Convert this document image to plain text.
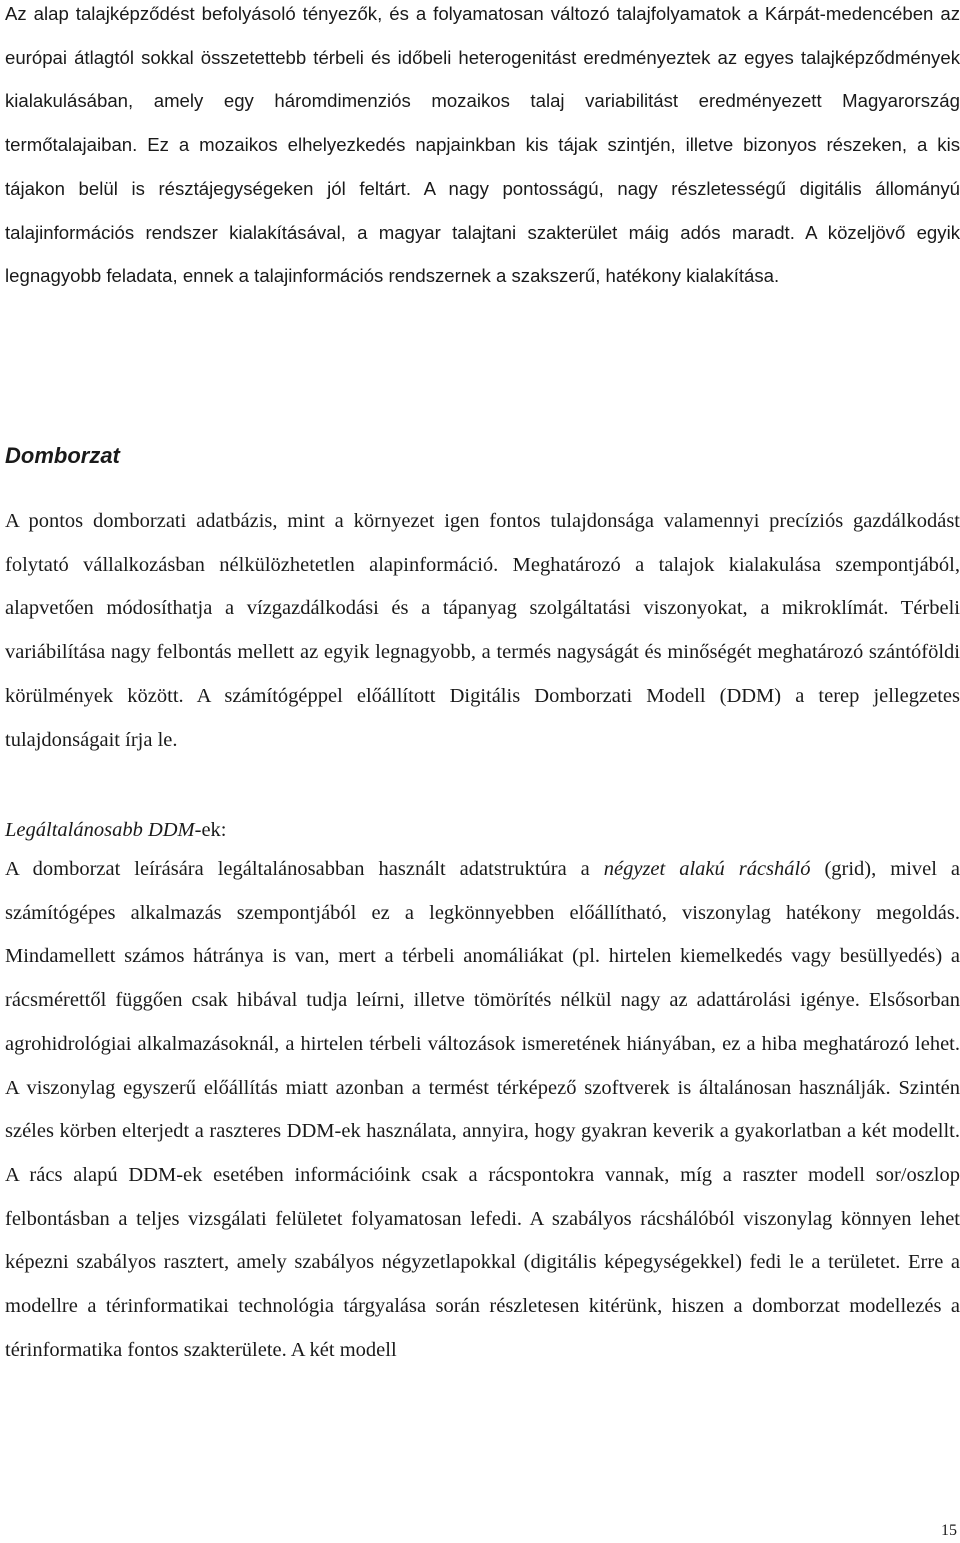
Az alap talajképződést befolyásoló tényezők, és a folyamatosan változó talajfolyamatok a Kárpát-medencében az európai átlagtól sokkal összetettebb térbeli és időbeli heterogenitást eredményeztek az egyes talajképződmények kialakulásában, amely egy háromdimenziós mozaikos talaj variabilitást eredményezett Magyarország termőtalajaiban. Ez a mozaikos elhelyezkedés napjainkban kis tájak szintjén, illetve bizonyos részeken, a kis tájakon belül is résztájegységeken jól feltárt. A nagy pontosságú, nagy részletességű digitális állományú talajinformációs rendszer kialakításával, a magyar talajtani szakterület máig adós maradt. A közeljövő egyik legnagyobb feladata, ennek a talajinformációs rendszernek a szakszerű, hatékony kialakítása.

Domborzat

A pontos domborzati adatbázis, mint a környezet igen fontos tulajdonsága valamennyi precíziós gazdálkodást folytató vállalkozásban nélkülözhetetlen alapinformáció. Meghatározó a talajok kialakulása szempontjából, alapvetően módosíthatja a vízgazdálkodási és a tápanyag szolgáltatási viszonyokat, a mikroklímát. Térbeli variábilítása nagy felbontás mellett az egyik legnagyobb, a termés nagyságát és minőségét meghatározó szántóföldi körülmények között. A számítógéppel előállított Digitális Domborzati Modell (DDM) a terep jellegzetes tulajdonságait írja le.

Legáltalánosabb DDM-ek:

A domborzat leírására legáltalánosabban használt adatstruktúra a négyzet alakú rácsháló (grid), mivel a számítógépes alkalmazás szempontjából ez a legkönnyebben előállítható, viszonylag hatékony megoldás. Mindamellett számos hátránya is van, mert a térbeli anomáliákat (pl. hirtelen kiemelkedés vagy besüllyedés) a rácsmérettől függően csak hibával tudja leírni, illetve tömörítés nélkül nagy az adattárolási igénye. Elsősorban agrohidrológiai alkalmazásoknál, a hirtelen térbeli változások ismeretének hiányában, ez a hiba meghatározó lehet. A viszonylag egyszerű előállítás miatt azonban a termést térképező szoftverek is általánosan használják. Szintén széles körben elterjedt a raszteres DDM-ek használata, annyira, hogy gyakran keverik a gyakorlatban a két modellt. A rács alapú DDM-ek esetében információink csak a rácspontokra vannak, míg a raszter modell sor/oszlop felbontásban a teljes vizsgálati felületet folyamatosan lefedi. A szabályos rácshálóból viszonylag könnyen lehet képezni szabályos rasztert, amely szabályos négyzetlapokkal (digitális képegységekkel) fedi le a területet. Erre a modellre a térinformatikai technológia tárgyalása során részletesen kitérünk, hiszen a domborzat modellezés a térinformatika fontos szakterülete. A két modell

15
